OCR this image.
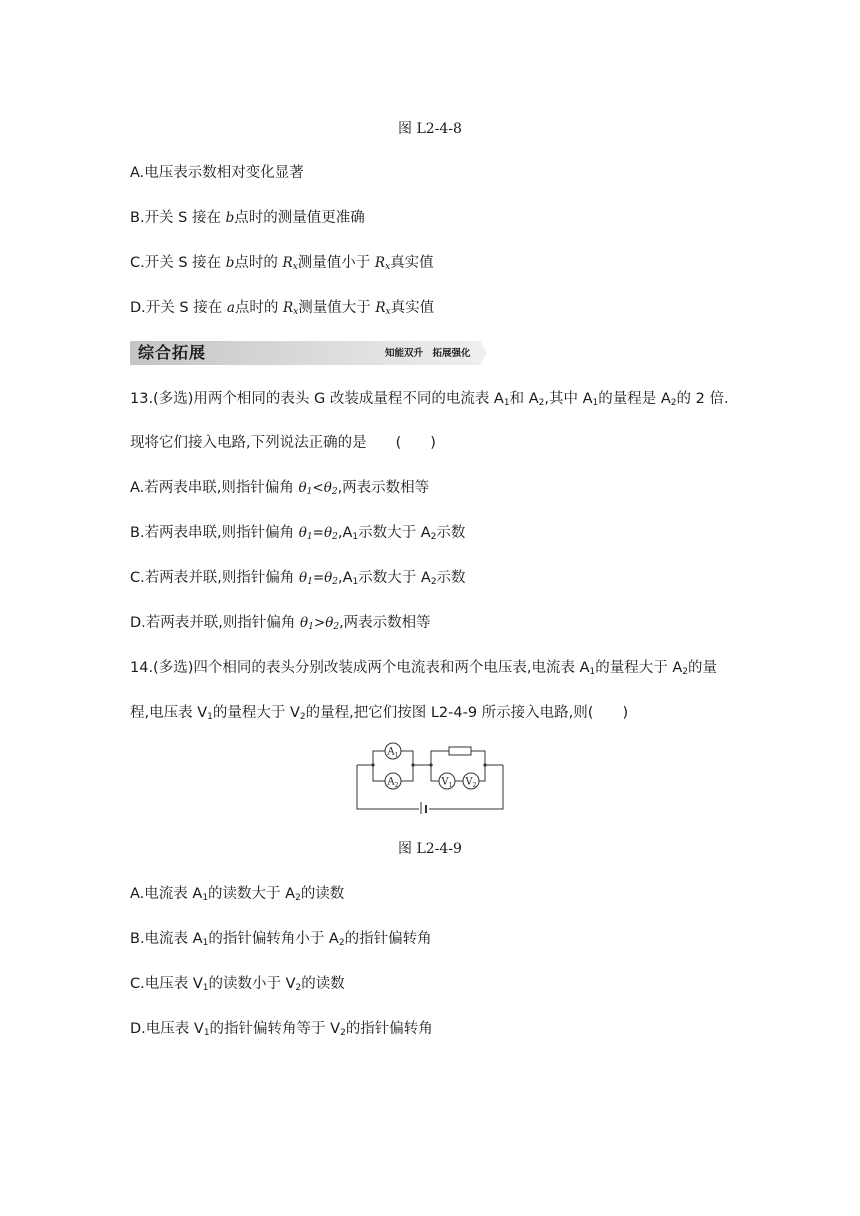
图 L2-4-8
A.电压表示数相对变化显著
B.开关 S 接在 b点时的测量值更准确
C.开关 S 接在 b点时的 $R_x$测量值小于 $R_x$真实值
D.开关 S 接在 a点时的 $R_x$测量值大于 $R_x$真实值
综合拓展	知能双升　拓展强化
13.(多选)用两个相同的表头 G 改装成量程不同的电流表 $A_1$和 $A_2$,其中 $A_1$的量程是 $A_2$的 2 倍.
现将它们接入电路,下列说法正确的是　　(　　)
A.若两表串联,则指针偏角 $\theta_1<\theta_2$,两表示数相等
B.若两表串联,则指针偏角 $\theta_1=\theta_2,A_1$示数大于 $A_2$示数
C.若两表并联,则指针偏角 $\theta_1=\theta_2,A_1$示数大于 $A_2$示数
D.若两表并联,则指针偏角 $\theta_1>\theta_2$,两表示数相等
14.(多选)四个相同的表头分别改装成两个电流表和两个电压表,电流表 $A_1$的量程大于 $A_2$的量
程,电压表 $V_1$的量程大于 $V_2$的量程,把它们按图 L2-4-9 所示接入电路,则(　　)
A 1
A 2	V 1 V 2
图 L2-4-9
A.电流表 $A_1$的读数大于 $A_2$的读数
B.电流表 $A_1$的指针偏转角小于 $A_2$的指针偏转角
C.电压表 $V_1$的读数小于 $V_2$的读数
D.电压表 $V_1$的指针偏转角等于 $V_2$的指针偏转角
